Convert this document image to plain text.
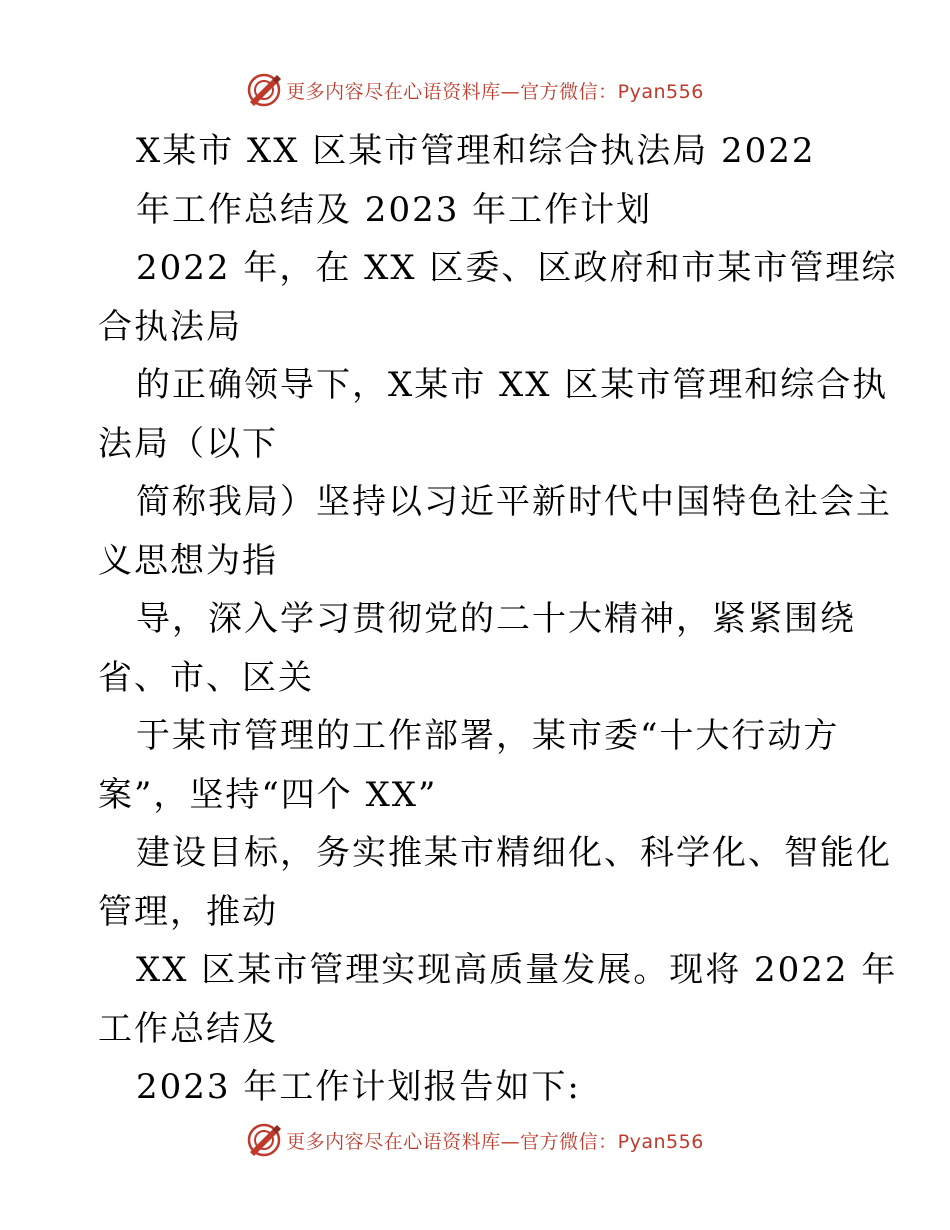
更多内容尽在心语资料库—官方微信：Pyan556
X某市 XX 区某市管理和综合执法局 2022
年工作总结及 2023 年工作计划
2022 年，在 XX 区委、区政府和市某市管理综
合执法局
的正确领导下，X某市 XX 区某市管理和综合执
法局（以下
简称我局）坚持以习近平新时代中国特色社会主
义思想为指
导，深入学习贯彻党的二十大精神，紧紧围绕
省、市、区关
于某市管理的工作部署，某市委“十大行动方
案”，坚持“四个 XX”
建设目标，务实推某市精细化、科学化、智能化
管理，推动
XX 区某市管理实现高质量发展。现将 2022 年
工作总结及
2023 年工作计划报告如下:
更多内容尽在心语资料库—官方微信：Pyan556
